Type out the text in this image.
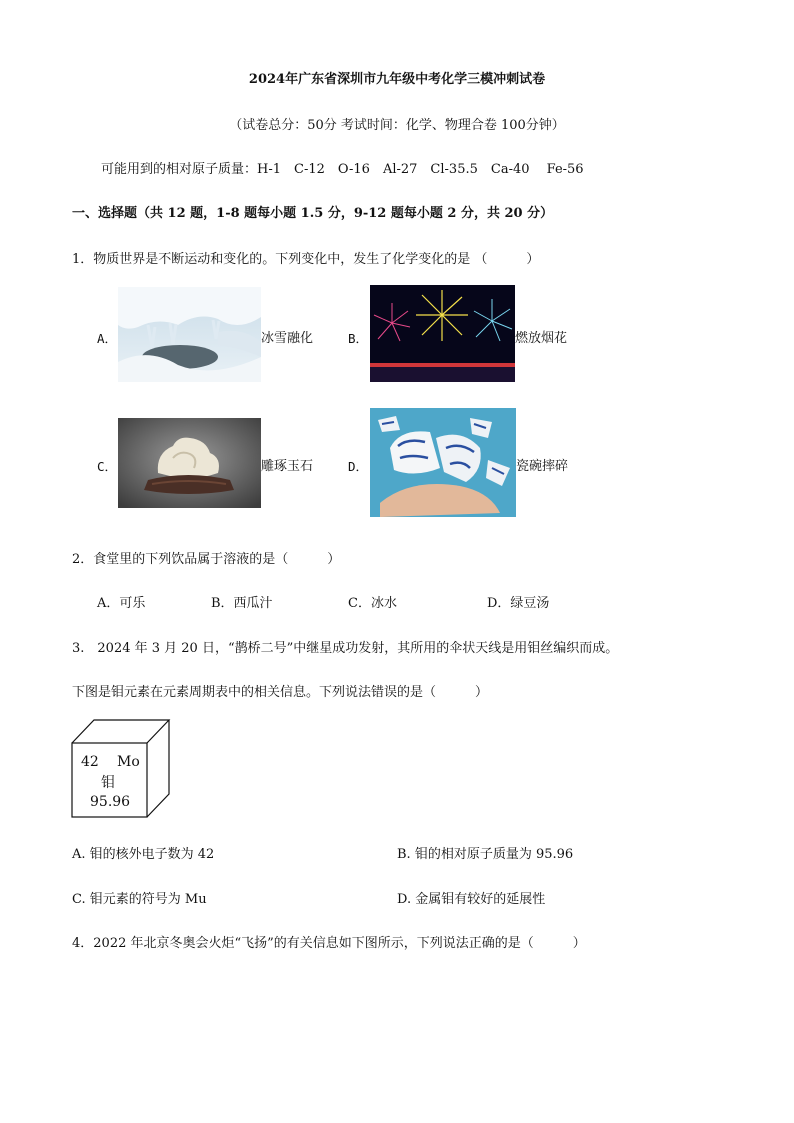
2024年广东省深圳市九年级中考化学三模冲刺试卷
（试卷总分：50分 考试时间：化学、物理合卷 100分钟）
可能用到的相对原子质量：H-1　C-12　O-16　Al-27　Cl-35.5　Ca-40　 Fe-56
一、选择题（共 12 题，1-8 题每小题 1.5 分，9-12 题每小题 2 分，共 20 分）
1．物质世界是不断运动和变化的。下列变化中，发生了化学变化的是 （　　　）
A．	冰雪融化	B．	燃放烟花
C．	雕琢玉石	D．	瓷碗摔碎
2．食堂里的下列饮品属于溶液的是（　　　）
A．可乐	B．西瓜汁	C．冰水	D．绿豆汤
3.　2024 年 3 月 20 日，“鹊桥二号”中继星成功发射，其所用的伞状天线是用钼丝编织而成。
下图是钼元素在元素周期表中的相关信息。下列说法错误的是（　　　）
42 Mo
钼
95.96
A. 钼的核外电子数为 42	B. 钼的相对原子质量为 95.96
C. 钼元素的符号为 Mu	D. 金属钼有较好的延展性
4．2022 年北京冬奥会火炬“飞扬”的有关信息如下图所示，下列说法正确的是（　　　）
